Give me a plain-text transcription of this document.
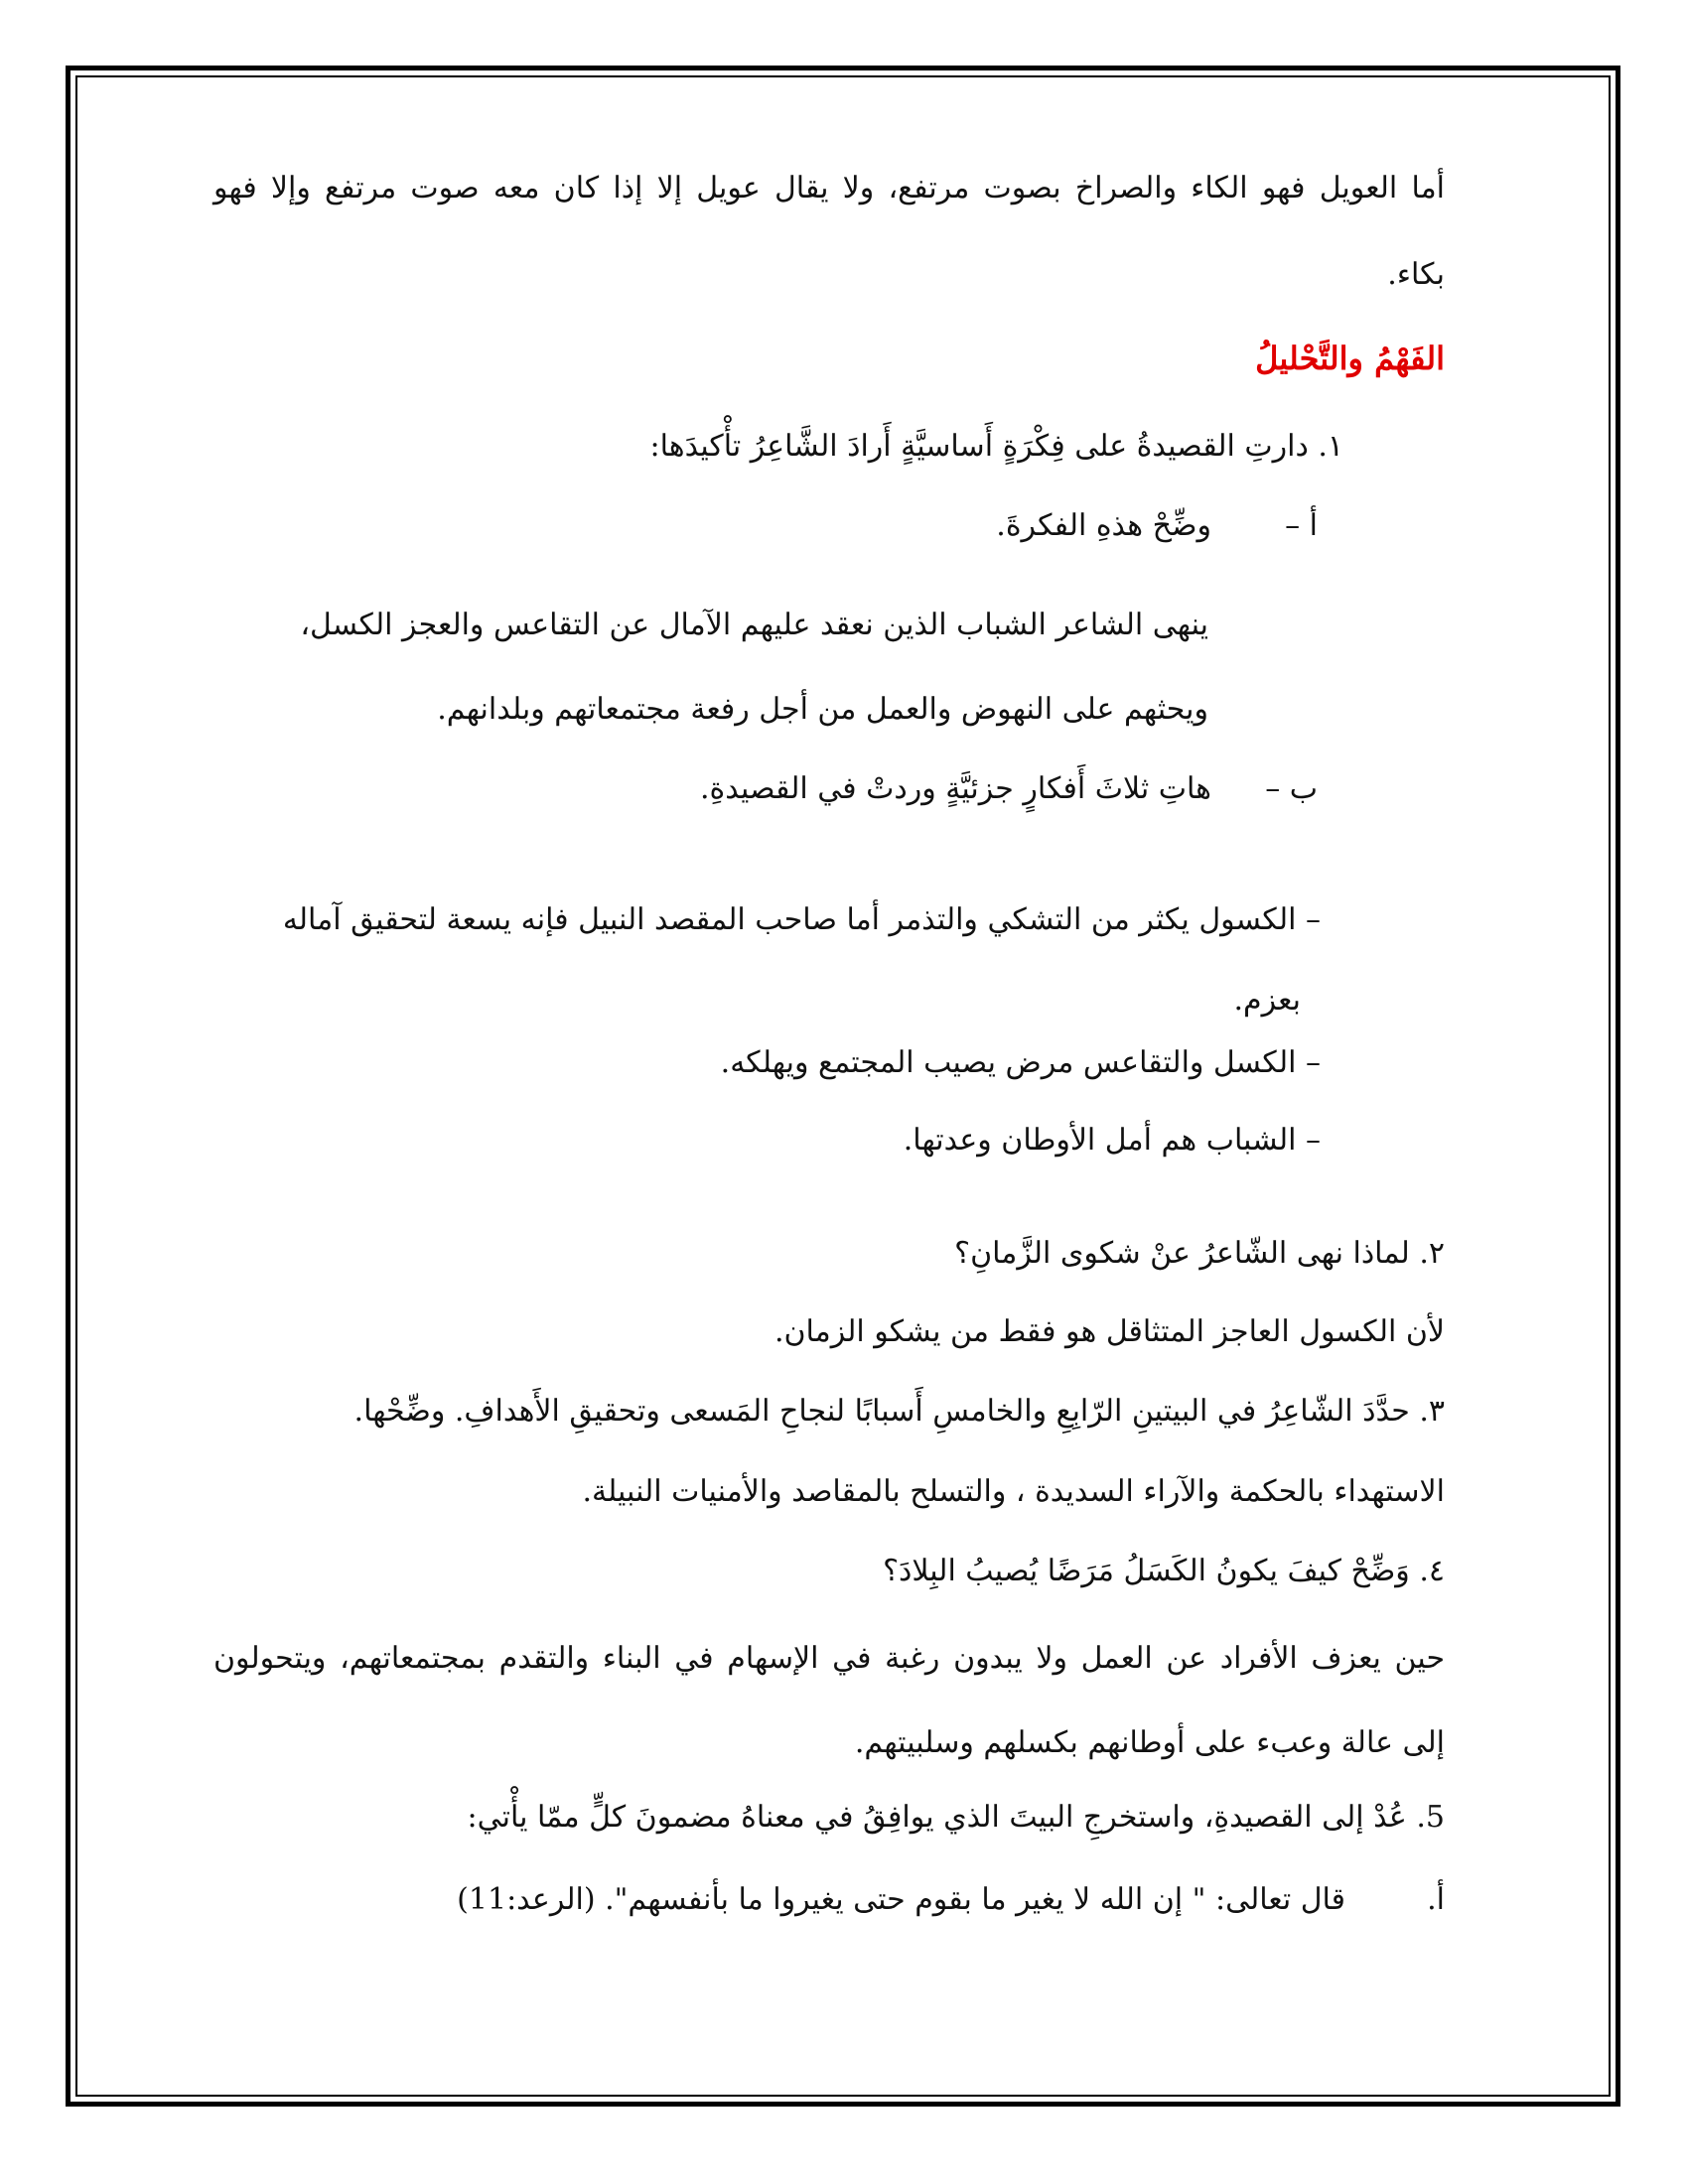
أما العويل فهو الكاء والصراخ بصوت مرتفع، ولا يقال عويل إلا إذا كان معه صوت مرتفع وإلا فهو
بكاء.
الفَهْمُ والتَّحْليلُ
١. دارتِ القصيدةُ على فِكْرَةٍ أَساسيَّةٍ أَرادَ الشَّاعِرُ تأْكيدَها:
أ –
وضِّحْ هذهِ الفكرةَ.
ينهى الشاعر الشباب الذين نعقد عليهم الآمال عن التقاعس والعجز الكسل،
ويحثهم على النهوض والعمل من أجل رفعة مجتمعاتهم وبلدانهم.
ب –
هاتِ ثلاثَ أَفكارٍ جزئيَّةٍ وردتْ في القصيدةِ.
– الكسول يكثر من التشكي والتذمر أما صاحب المقصد النبيل فإنه يسعة لتحقيق آماله
بعزم.
– الكسل والتقاعس مرض يصيب المجتمع ويهلكه.
– الشباب هم أمل الأوطان وعدتها.
٢. لماذا نهى الشّاعرُ عنْ شكوى الزَّمانِ؟
لأن الكسول العاجز المتثاقل هو فقط من يشكو الزمان.
٣. حدَّدَ الشّاعِرُ في البيتينِ الرّابِعِ والخامسِ أَسبابًا لنجاحِ المَسعى وتحقيقِ الأَهدافِ. وضِّحْها.
الاستهداء بالحكمة والآراء السديدة ، والتسلح بالمقاصد والأمنيات النبيلة.
٤. وَضِّحْ كيفَ يكونُ الكَسَلُ مَرَضًا يُصيبُ البِلادَ؟
حين يعزف الأفراد عن العمل ولا يبدون رغبة في الإسهام في البناء والتقدم بمجتمعاتهم، ويتحولون
إلى عالة وعبء على أوطانهم بكسلهم وسلبيتهم.
5. عُدْ إلى القصيدةِ، واستخرجِ البيتَ الذي يوافِقُ في معناهُ مضمونَ كلٍّ ممّا يأْتي:
أ.
قال تعالى: " إن الله لا يغير ما بقوم حتى يغيروا ما بأنفسهم". (الرعد:11)
